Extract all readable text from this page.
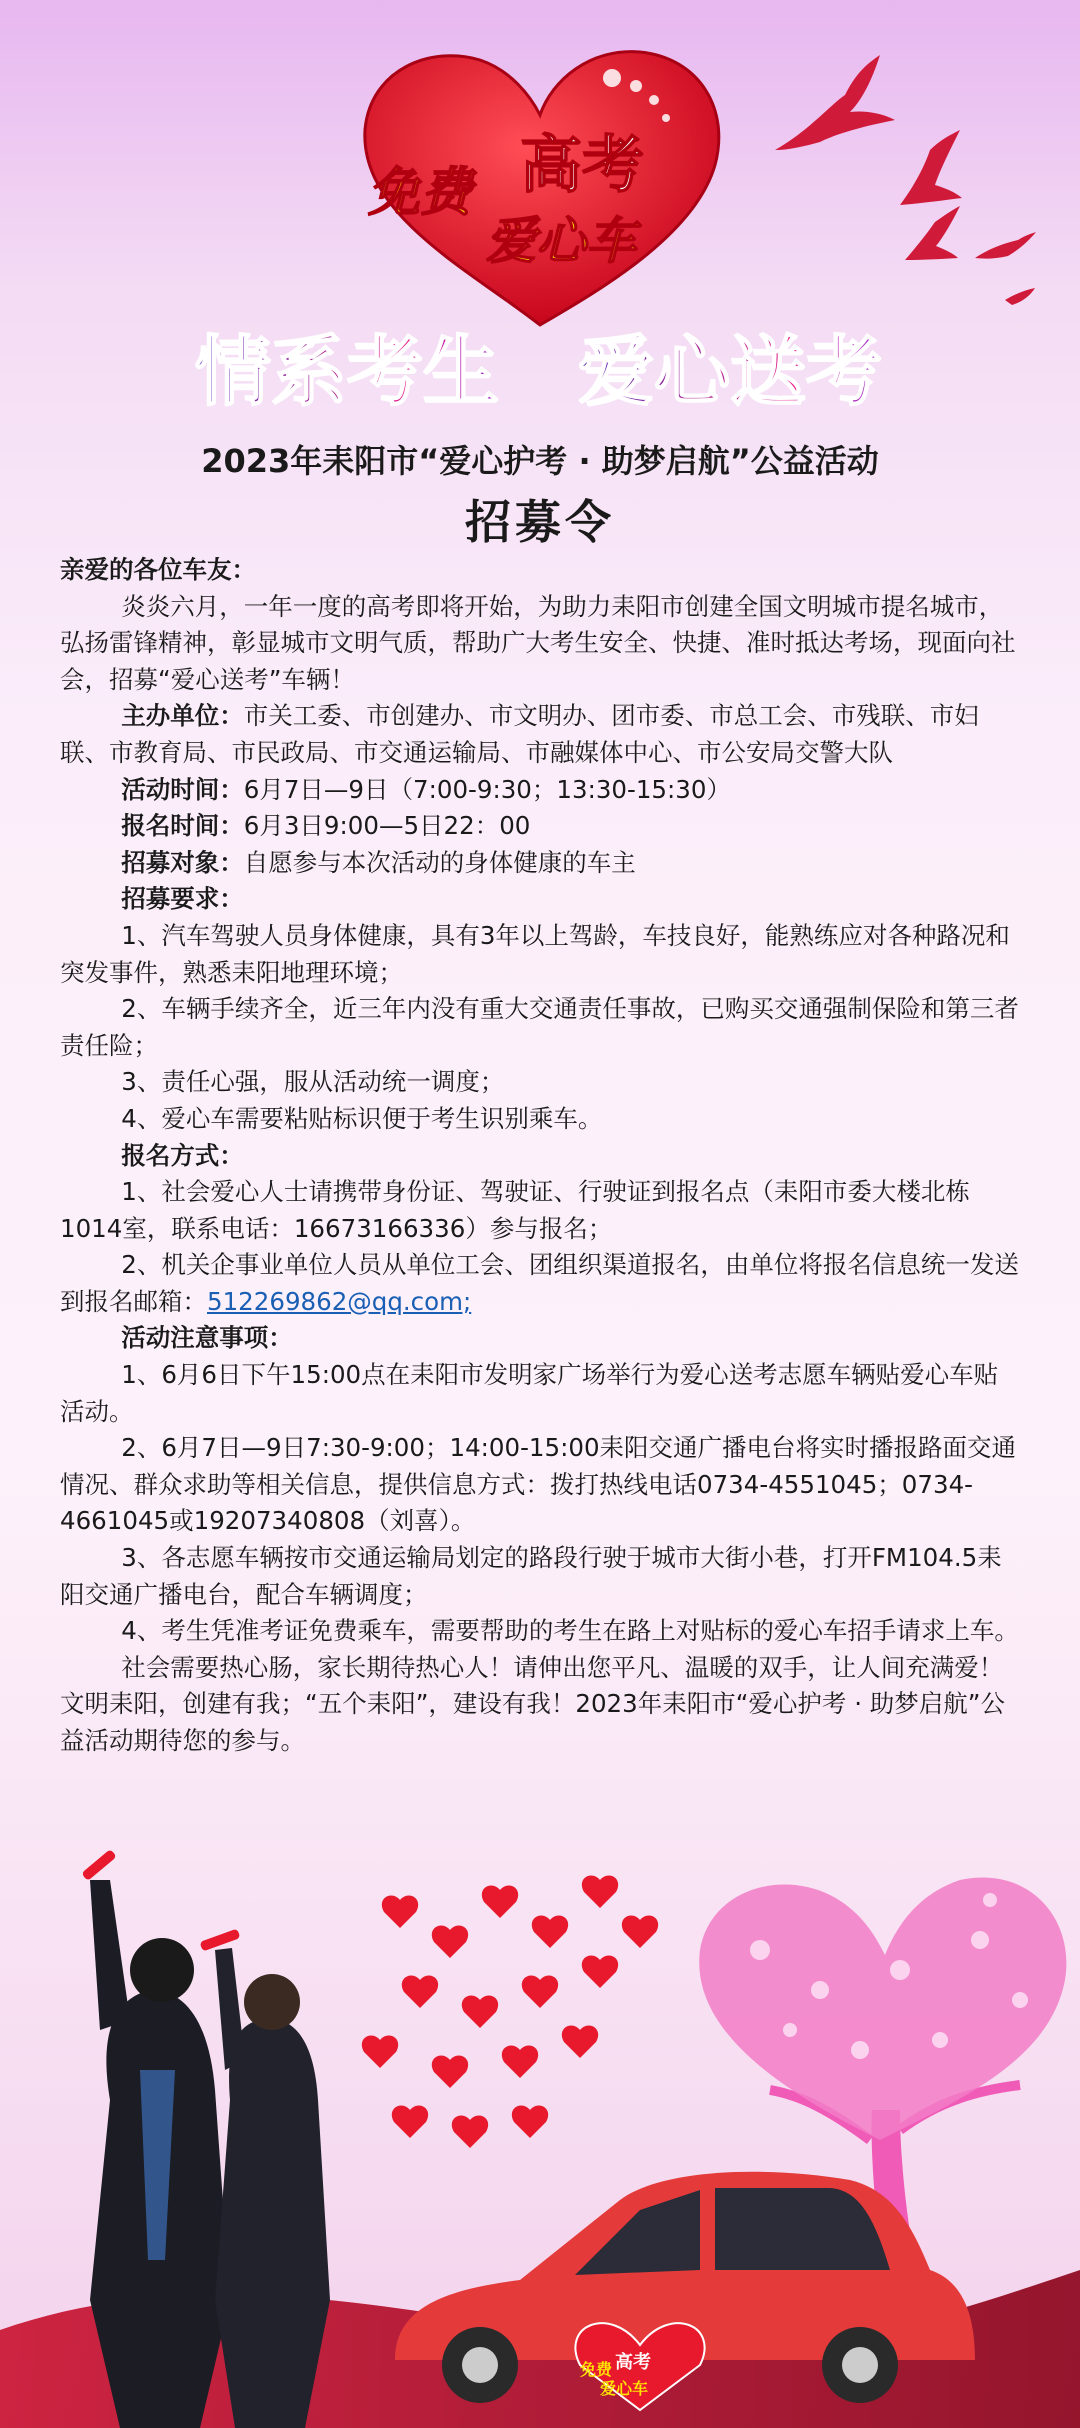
免费 高考
爱心车
情系考生 爱心送考
2023年耒阳市“爱心护考 · 助梦启航”公益活动
招募令

亲爱的各位车友：

炎炎六月，一年一度的高考即将开始，为助力耒阳市创建全国文明城市提名城市，弘扬雷锋精神，彰显城市文明气质，帮助广大考生安全、快捷、准时抵达考场，现面向社会，招募“爱心送考”车辆！

主办单位：市关工委、市创建办、市文明办、团市委、市总工会、市残联、市妇联、市教育局、市民政局、市交通运输局、市融媒体中心、市公安局交警大队

活动时间：6月7日—9日（7:00-9:30；13:30-15:30）

报名时间：6月3日9:00—5日22：00

招募对象：自愿参与本次活动的身体健康的车主

招募要求：

1、汽车驾驶人员身体健康，具有3年以上驾龄，车技良好，能熟练应对各种路况和突发事件，熟悉耒阳地理环境；

2、车辆手续齐全，近三年内没有重大交通责任事故，已购买交通强制保险和第三者责任险；

3、责任心强，服从活动统一调度；

4、爱心车需要粘贴标识便于考生识别乘车。

报名方式：

1、社会爱心人士请携带身份证、驾驶证、行驶证到报名点（耒阳市委大楼北栋1014室，联系电话：16673166336）参与报名；

2、机关企事业单位人员从单位工会、团组织渠道报名，由单位将报名信息统一发送到报名邮箱：512269862@qq.com;

活动注意事项：

1、6月6日下午15:00点在耒阳市发明家广场举行为爱心送考志愿车辆贴爱心车贴活动。

2、6月7日—9日7:30-9:00；14:00-15:00耒阳交通广播电台将实时播报路面交通情况、群众求助等相关信息，提供信息方式：拨打热线电话0734-4551045；0734-4661045或19207340808（刘喜）。

3、各志愿车辆按市交通运输局划定的路段行驶于城市大街小巷，打开FM104.5耒阳交通广播电台，配合车辆调度；

4、考生凭准考证免费乘车，需要帮助的考生在路上对贴标的爱心车招手请求上车。

社会需要热心肠，家长期待热心人！请伸出您平凡、温暖的双手，让人间充满爱！文明耒阳，创建有我；“五个耒阳”，建设有我！2023年耒阳市“爱心护考 · 助梦启航”公益活动期待您的参与。

免费 高考
爱心车
